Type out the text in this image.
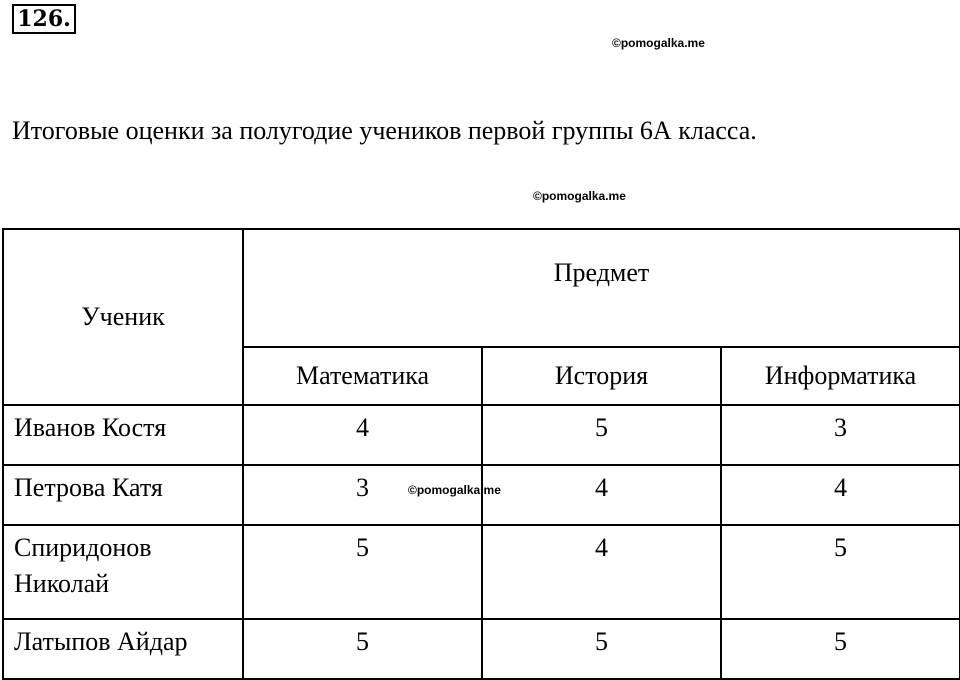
126.
©pomogalka.me
Итоговые оценки за полугодие учеников первой группы 6А класса.
©pomogalka.me
Ученик	Предмет		
	Математика	История	Информатика
Иванов Костя	4	5	3
Петрова Катя	3	4	4
Спиридонов Николай	5	4	5
Латыпов Айдар	5	5	5
©pomogalka.me
